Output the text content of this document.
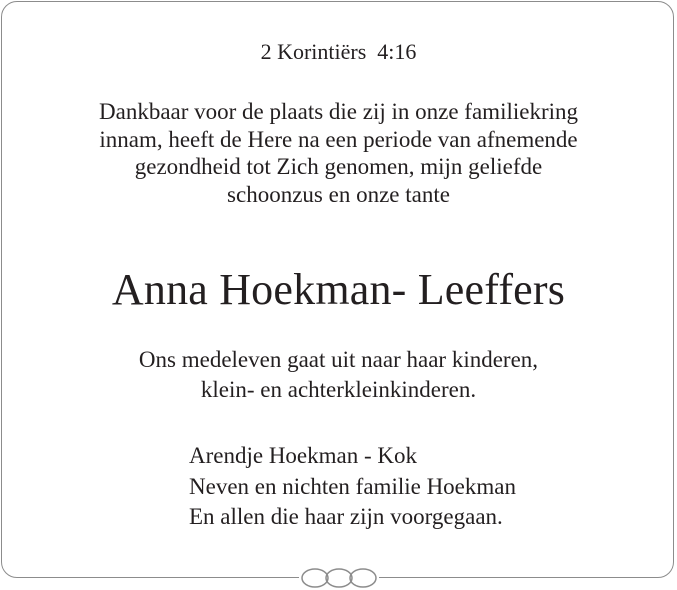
2 Korintiërs  4:16
Dankbaar voor de plaats die zij in onze familiekring
innam, heeft de Here na een periode van afnemende
gezondheid tot Zich genomen, mijn geliefde
schoonzus en onze tante
Anna Hoekman- Leeffers
Ons medeleven gaat uit naar haar kinderen,
klein- en achterkleinkinderen.
Arendje Hoekman - Kok
Neven en nichten familie Hoekman
En allen die haar zijn voorgegaan.
